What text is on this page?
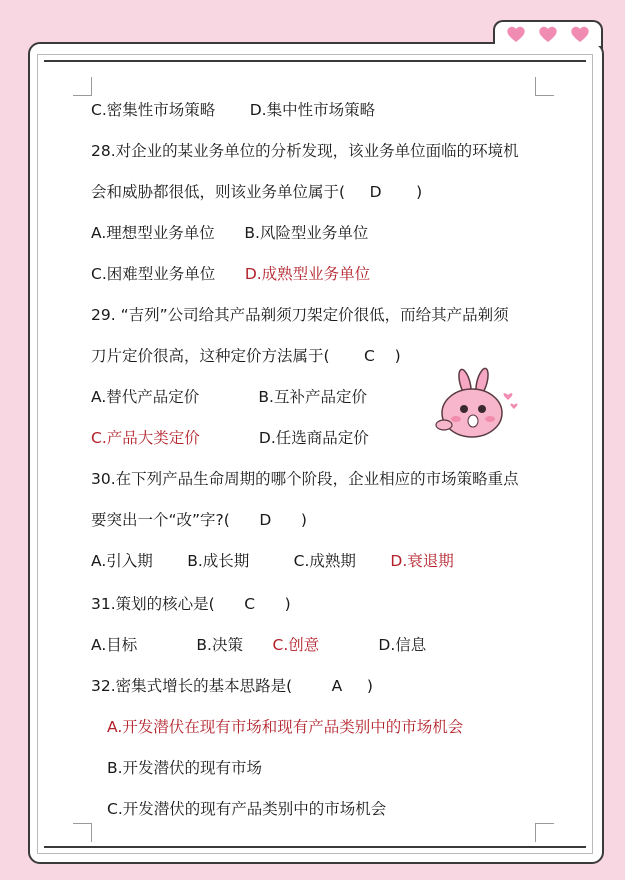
C.密集性市场策略       D.集中性市场策略
28.对企业的某业务单位的分析发现，该业务单位面临的环境机
会和威胁都很低，则该业务单位属于(     D       )
A.理想型业务单位      B.风险型业务单位
C.困难型业务单位      D.成熟型业务单位
29. “吉列”公司给其产品剃须刀架定价很低，而给其产品剃须
刀片定价很高，这种定价方法属于(       C    )
A.替代产品定价            B.互补产品定价
C.产品大类定价            D.任选商品定价
30.在下列产品生命周期的哪个阶段，企业相应的市场策略重点
要突出一个“改”字?(      D      )
A.引入期       B.成长期         C.成熟期       D.衰退期
31.策划的核心是(      C      )
A.目标            B.决策      C.创意            D.信息
32.密集式增长的基本思路是(        A     )
A.开发潜伏在现有市场和现有产品类别中的市场机会
B.开发潜伏的现有市场
C.开发潜伏的现有产品类别中的市场机会
